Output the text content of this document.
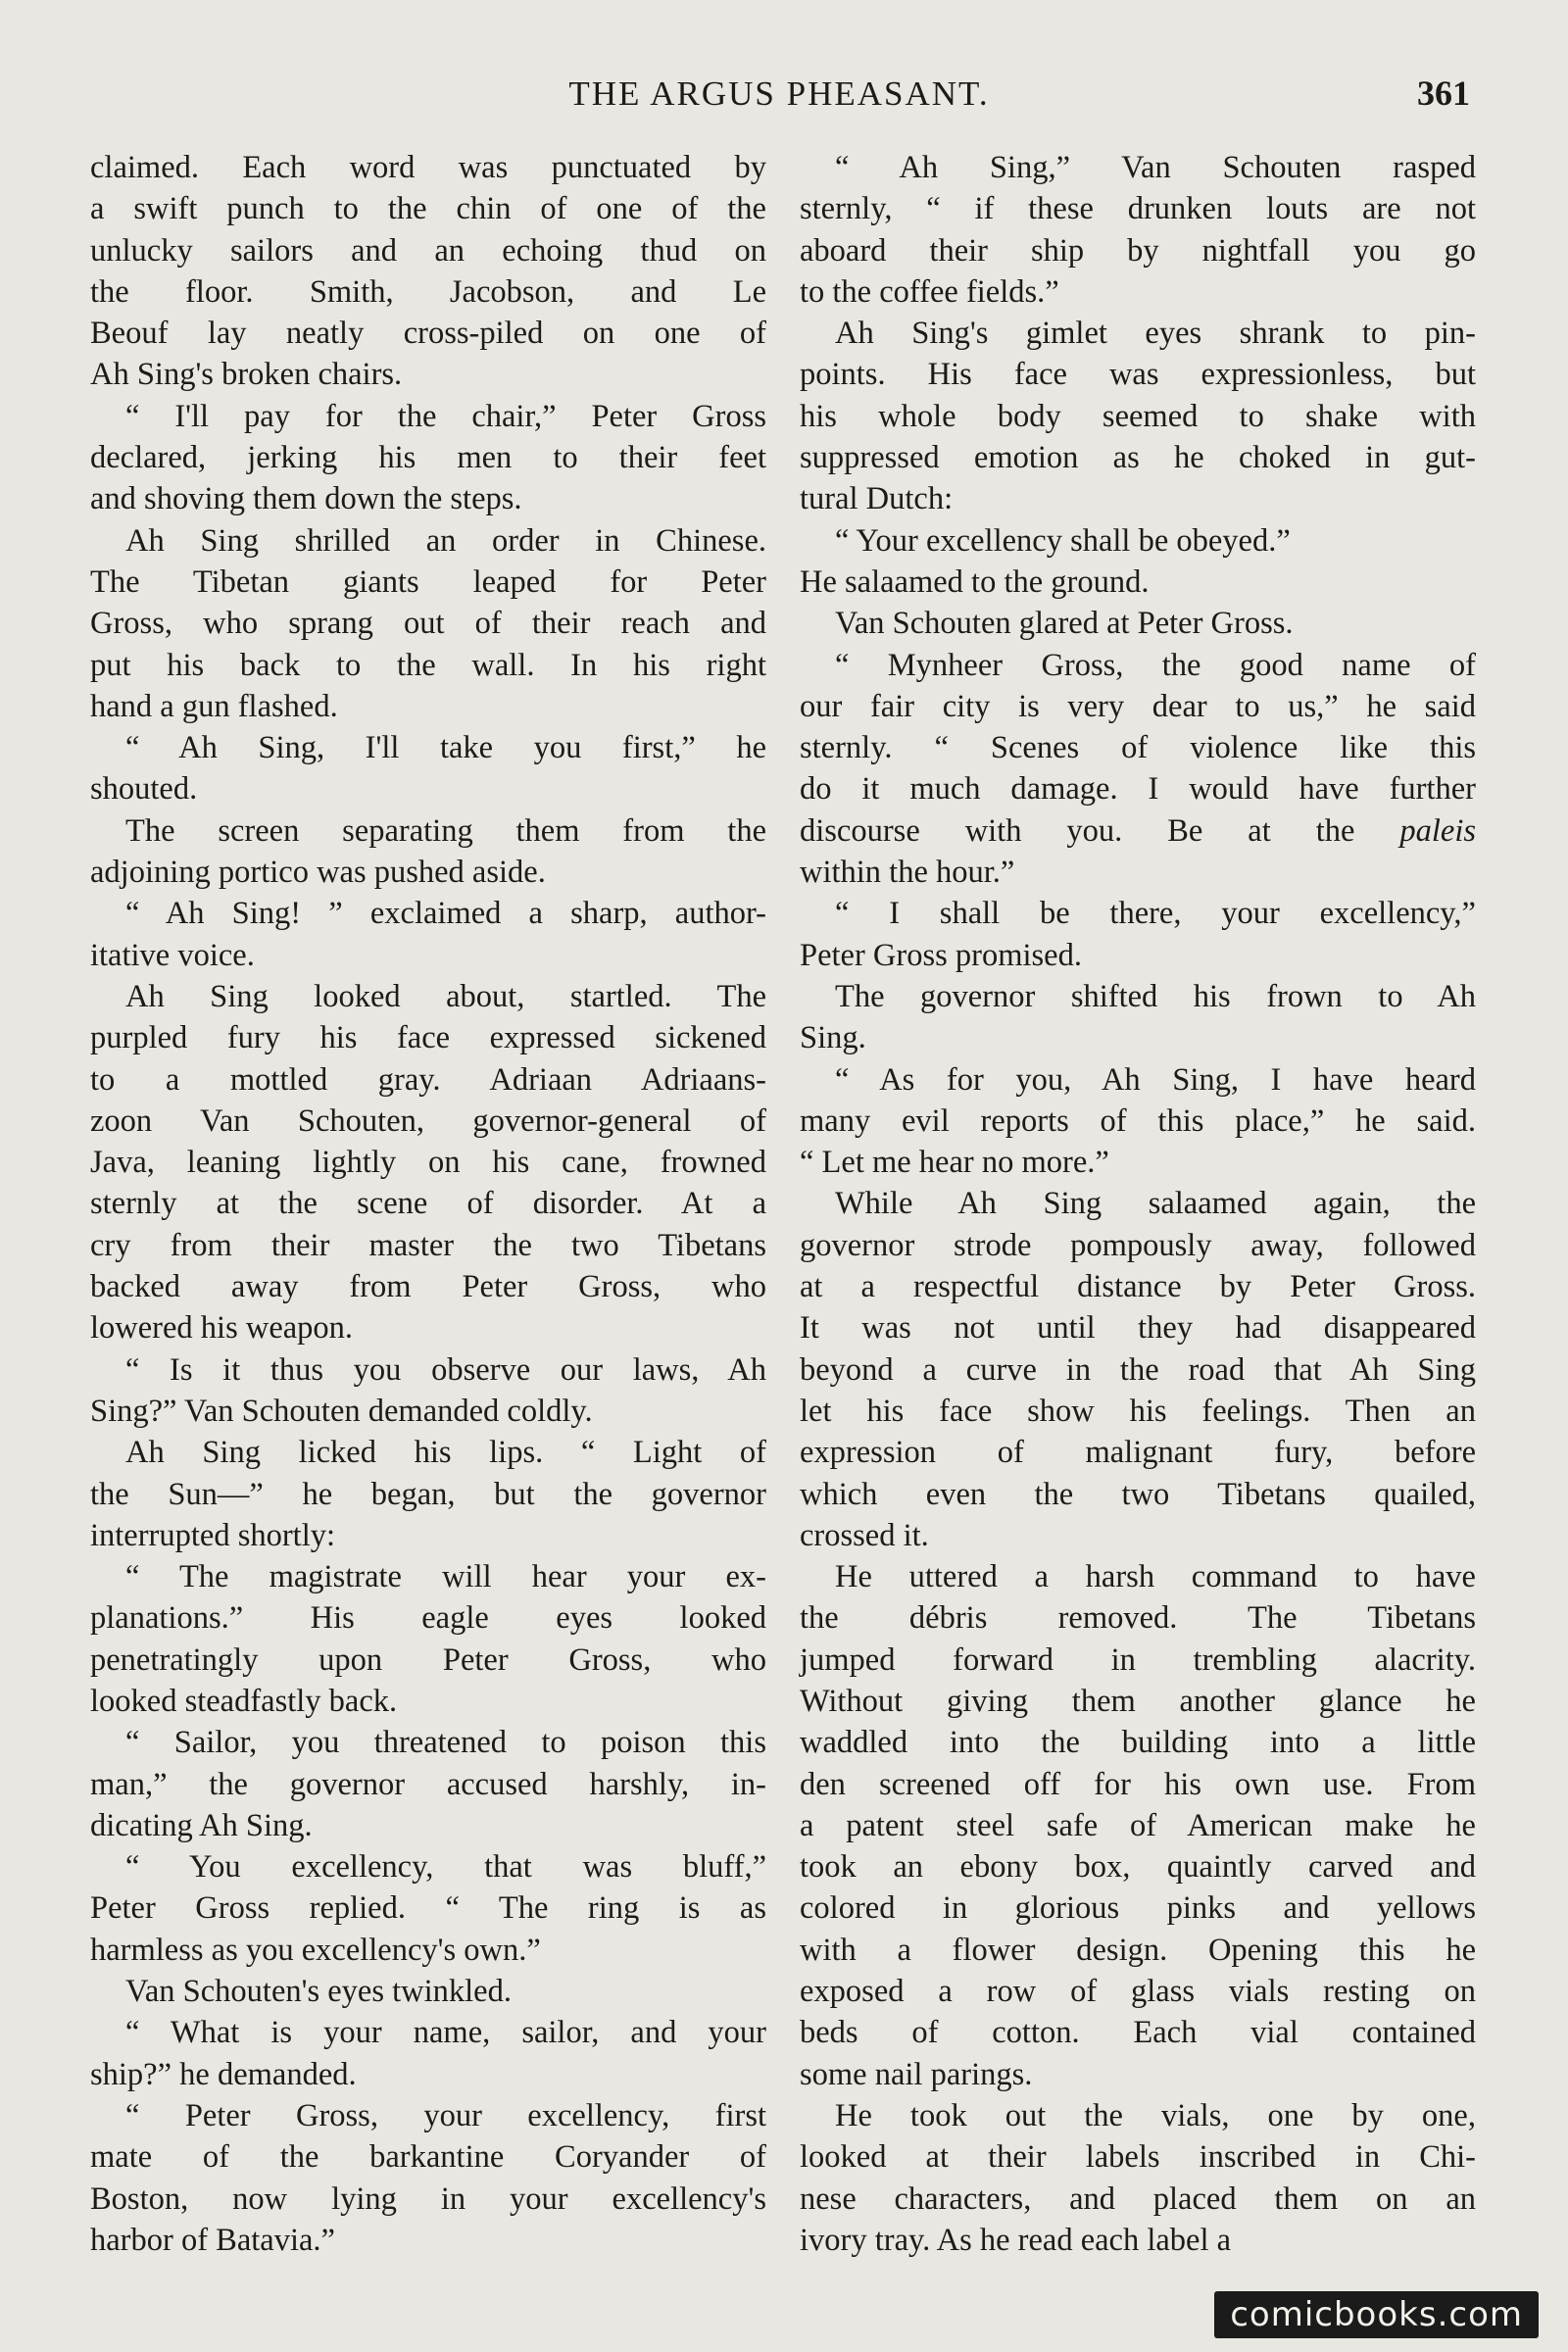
THE ARGUS PHEASANT.	361
claimed. Each word was punctuated by
a swift punch to the chin of one of the
unlucky sailors and an echoing thud on
the floor. Smith, Jacobson, and Le
Beouf lay neatly cross-piled on one of
Ah Sing's broken chairs.
“ I'll pay for the chair,” Peter Gross
declared, jerking his men to their feet
and shoving them down the steps.
Ah Sing shrilled an order in Chinese.
The Tibetan giants leaped for Peter
Gross, who sprang out of their reach and
put his back to the wall. In his right
hand a gun flashed.
“ Ah Sing, I'll take you first,” he
shouted.
The screen separating them from the
adjoining portico was pushed aside.
“ Ah Sing! ” exclaimed a sharp, author-
itative voice.
Ah Sing looked about, startled. The
purpled fury his face expressed sickened
to a mottled gray. Adriaan Adriaans-
zoon Van Schouten, governor-general of
Java, leaning lightly on his cane, frowned
sternly at the scene of disorder. At a
cry from their master the two Tibetans
backed away from Peter Gross, who
lowered his weapon.
“ Is it thus you observe our laws, Ah
Sing?” Van Schouten demanded coldly.
Ah Sing licked his lips. “ Light of
the Sun—” he began, but the governor
interrupted shortly:
“ The magistrate will hear your ex-
planations.” His eagle eyes looked
penetratingly upon Peter Gross, who
looked steadfastly back.
“ Sailor, you threatened to poison this
man,” the governor accused harshly, in-
dicating Ah Sing.
“ You excellency, that was bluff,”
Peter Gross replied. “ The ring is as
harmless as you excellency's own.”
Van Schouten's eyes twinkled.
“ What is your name, sailor, and your
ship?” he demanded.
“ Peter Gross, your excellency, first
mate of the barkantine Coryander of
Boston, now lying in your excellency's
harbor of Batavia.”
“ Ah Sing,” Van Schouten rasped
sternly, “ if these drunken louts are not
aboard their ship by nightfall you go
to the coffee fields.”
Ah Sing's gimlet eyes shrank to pin-
points. His face was expressionless, but
his whole body seemed to shake with
suppressed emotion as he choked in gut-
tural Dutch:
“ Your excellency shall be obeyed.”
He salaamed to the ground.
Van Schouten glared at Peter Gross.
“ Mynheer Gross, the good name of
our fair city is very dear to us,” he said
sternly. “ Scenes of violence like this
do it much damage. I would have further
discourse with you. Be at the paleis
within the hour.”
“ I shall be there, your excellency,”
Peter Gross promised.
The governor shifted his frown to Ah
Sing.
“ As for you, Ah Sing, I have heard
many evil reports of this place,” he said.
“ Let me hear no more.”
While Ah Sing salaamed again, the
governor strode pompously away, followed
at a respectful distance by Peter Gross.
It was not until they had disappeared
beyond a curve in the road that Ah Sing
let his face show his feelings. Then an
expression of malignant fury, before
which even the two Tibetans quailed,
crossed it.
He uttered a harsh command to have
the débris removed. The Tibetans
jumped forward in trembling alacrity.
Without giving them another glance he
waddled into the building into a little
den screened off for his own use. From
a patent steel safe of American make he
took an ebony box, quaintly carved and
colored in glorious pinks and yellows
with a flower design. Opening this he
exposed a row of glass vials resting on
beds of cotton. Each vial contained
some nail parings.
He took out the vials, one by one,
looked at their labels inscribed in Chi-
nese characters, and placed them on an
ivory tray. As he read each label a
comicbooks.com
